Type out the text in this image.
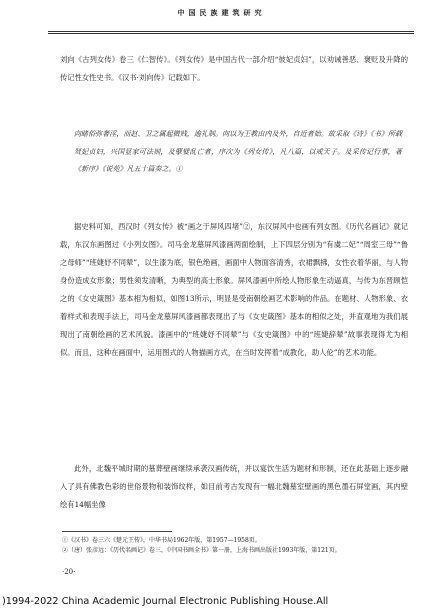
中国民族建筑研究
刘向《古列女传》卷三《仁智传》。《列女传》是中国古代一部介绍“彼妃贞妇”，以劝诫善恶、褒贬及升降的传记性女性史书。《汉书·刘向传》记载如下。
向睹俗弥奢淫，而赵、卫之属起微贱，逾礼制。向以为王教由内及外，自近者始。故采取《诗》《书》所载贤妃贞妇，兴国显家可法则，及孽嬖乱亡者，序次为《列女传》，凡八篇，以戒天子。及采传记行事，著《新序》《说苑》凡五十篇奏之。①
据史料可知，西汉时《列女传》被“画之于屏风四堵”②，东汉屏风中也画有列女图。《历代名画记》就记载，东汉东画图过《小列女图》。司马金龙墓屏风漆画两面绘制，上下四层分别为“有虞二妃”“周室三母”“鲁之母师”“班婕妤不同辇”，以生漆为底，银色绝画，画面中人物面容清秀，衣裙飘拂，女性衣着华丽，与人物身份造成女形象；男性须发清晰，为典型的高士形象。屏风漆画中所绘人物形象生动逼真，与传为东晋顾恺之的《女史箴图》基本相为相似，如图13所示，明显是受南朝绘画艺术影响的作品。在题材、人物形象、衣着样式和表现手法上，司马金龙墓屏风漆画都表现出了与《女史箴图》基本的相似之处，并直观地为我们展现出了南朝绘画的艺术风貌。漆画中的“班婕妤不同辇”与《女史箴图》中的“班婕辞辇”故事表现得尤为相似。而且，这种在画面中，运用图式的人物描画方式，在当时发挥着“成教化，助人伦”的艺术功能。
此外，北魏平城时期的墓葬壁画继续承袭汉画传统，并以宴饮生活为题材和形制，还在此基础上逐步融入了具有佛教色彩的世俗景物和装饰纹样，如目前考古发现有一幅北魏墓室壁画的黑色墨石屏堂画，其内壁绘有14幅坐像
①《汉书》卷三六《楚元王传》，中华书局1962年版，第1957—1958页。
②（唐）张彦远：《历代名画记》卷三，《中国书画全书》第一册，上海书画出版社1993年版，第121页。
·20·
)1994-2022 China Academic Journal Electronic Publishing House.All
